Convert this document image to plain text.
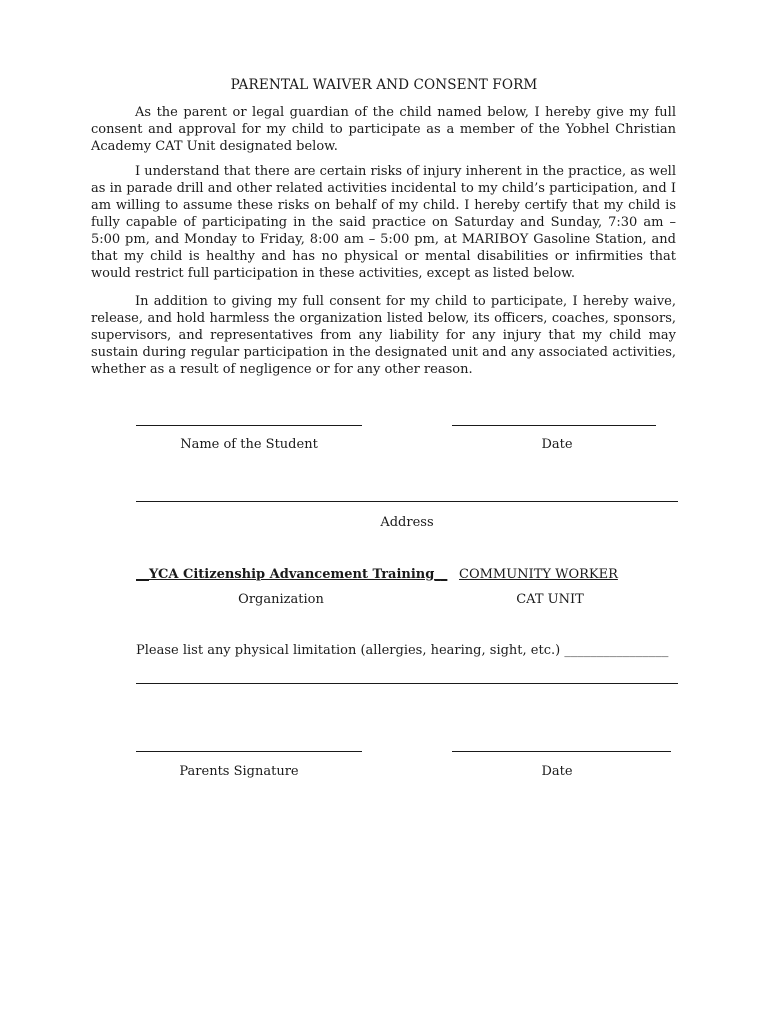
PARENTAL WAIVER AND CONSENT FORM

As the parent or legal guardian of the child named below, I hereby give my full consent and approval for my child to participate as a member of the Yobhel Christian Academy CAT Unit designated below.

I understand that there are certain risks of injury inherent in the practice, as well as in parade drill and other related activities incidental to my child’s participation, and I am willing to assume these risks on behalf of my child. I hereby certify that my child is fully capable of participating in the said practice on Saturday and Sunday, 7:30 am – 5:00 pm, and Monday to Friday, 8:00 am – 5:00 pm, at MARIBOY Gasoline Station, and that my child is healthy and has no physical or mental disabilities or infirmities that would restrict full participation in these activities, except as listed below.

In addition to giving my full consent for my child to participate, I hereby waive, release, and hold harmless the organization listed below, its officers, coaches, sponsors, supervisors, and representatives from any liability for any injury that my child may sustain during regular participation in the designated unit and any associated activities, whether as a result of negligence or for any other reason.

Name of the Student	Date
Address
__YCA Citizenship Advancement Training__ COMMUNITY WORKER
Organization	CAT UNIT
Please list any physical limitation (allergies, hearing, sight, etc.) ________________
Parents Signature	Date
